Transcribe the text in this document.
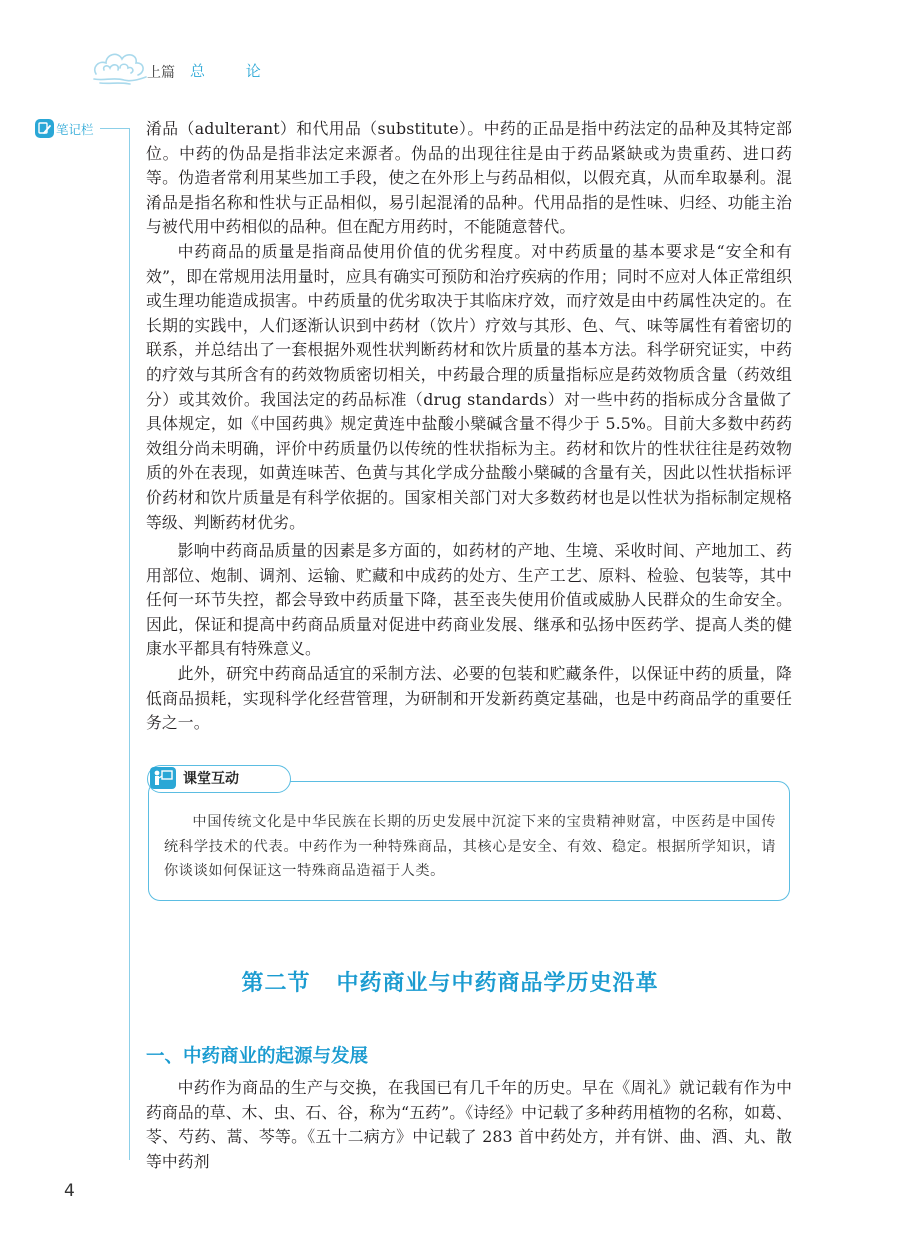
上篇 总 论
笔记栏	淆品（adulterant）和代用品（substitute）。中药的正品是指中药法定的品种及其特定部位。中药的伪品是指非法定来源者。伪品的出现往往是由于药品紧缺或为贵重药、进口药等。伪造者常利用某些加工手段，使之在外形上与药品相似，以假充真，从而牟取暴利。混淆品是指名称和性状与正品相似，易引起混淆的品种。代用品指的是性味、归经、功能主治与被代用中药相似的品种。但在配方用药时，不能随意替代。

中药商品的质量是指商品使用价值的优劣程度。对中药质量的基本要求是“安全和有效”，即在常规用法用量时，应具有确实可预防和治疗疾病的作用；同时不应对人体正常组织或生理功能造成损害。中药质量的优劣取决于其临床疗效，而疗效是由中药属性决定的。在长期的实践中，人们逐渐认识到中药材（饮片）疗效与其形、色、气、味等属性有着密切的联系，并总结出了一套根据外观性状判断药材和饮片质量的基本方法。科学研究证实，中药的疗效与其所含有的药效物质密切相关，中药最合理的质量指标应是药效物质含量（药效组分）或其效价。我国法定的药品标准（drug standards）对一些中药的指标成分含量做了具体规定，如《中国药典》规定黄连中盐酸小檗碱含量不得少于 5.5%。目前大多数中药药效组分尚未明确，评价中药质量仍以传统的性状指标为主。药材和饮片的性状往往是药效物质的外在表现，如黄连味苦、色黄与其化学成分盐酸小檗碱的含量有关，因此以性状指标评价药材和饮片质量是有科学依据的。国家相关部门对大多数药材也是以性状为指标制定规格等级、判断药材优劣。

影响中药商品质量的因素是多方面的，如药材的产地、生境、采收时间、产地加工、药用部位、炮制、调剂、运输、贮藏和中成药的处方、生产工艺、原料、检验、包装等，其中任何一环节失控，都会导致中药质量下降，甚至丧失使用价值或威胁人民群众的生命安全。因此，保证和提高中药商品质量对促进中药商业发展、继承和弘扬中医药学、提高人类的健康水平都具有特殊意义。

此外，研究中药商品适宜的采制方法、必要的包装和贮藏条件，以保证中药的质量，降低商品损耗，实现科学化经营管理，为研制和开发新药奠定基础，也是中药商品学的重要任务之一。

课堂互动

中国传统文化是中华民族在长期的历史发展中沉淀下来的宝贵精神财富，中医药是中国传统科学技术的代表。中药作为一种特殊商品，其核心是安全、有效、稳定。根据所学知识，请你谈谈如何保证这一特殊商品造福于人类。

第二节 中药商业与中药商品学历史沿革
一、中药商业的起源与发展

中药作为商品的生产与交换，在我国已有几千年的历史。早在《周礼》就记载有作为中药商品的草、木、虫、石、谷，称为“五药”。《诗经》中记载了多种药用植物的名称，如葛、苓、芍药、蒿、芩等。《五十二病方》中记载了 283 首中药处方，并有饼、曲、酒、丸、散等中药剂

4
